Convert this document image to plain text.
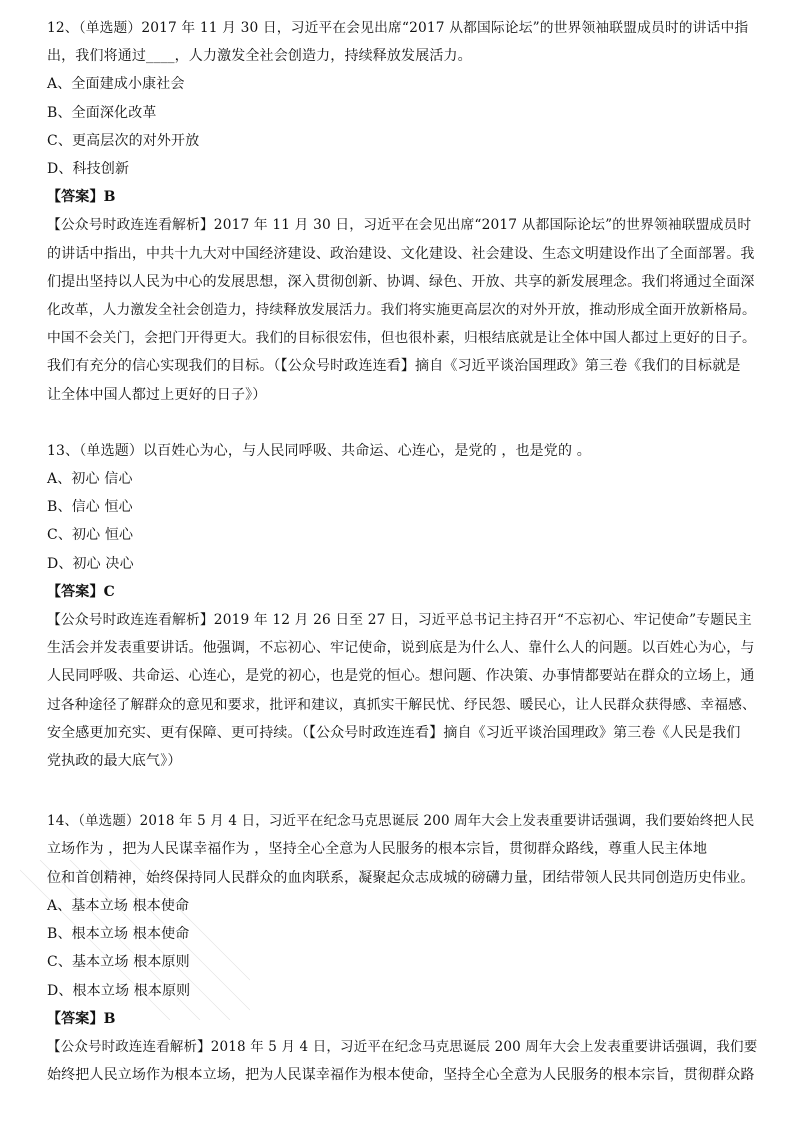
12、（单选题）2017 年 11 月 30 日，习近平在会见出席“2017 从都国际论坛”的世界领袖联盟成员时的讲话中指
出，我们将通过____，人力激发全社会创造力，持续释放发展活力。
A、全面建成小康社会
B、全面深化改革
C、更高层次的对外开放
D、科技创新
【答案】B
【公众号时政连连看解析】2017 年 11 月 30 日，习近平在会见出席“2017 从都国际论坛”的世界领袖联盟成员时
的讲话中指出，中共十九大对中国经济建设、政治建设、文化建设、社会建设、生态文明建设作出了全面部署。我
们提出坚持以人民为中心的发展思想，深入贯彻创新、协调、绿色、开放、共享的新发展理念。我们将通过全面深
化改革，人力激发全社会创造力，持续释放发展活力。我们将实施更高层次的对外开放，推动形成全面开放新格局。
中国不会关门，会把门开得更大。我们的目标很宏伟，但也很朴素，归根结底就是让全体中国人都过上更好的日子。
我们有充分的信心实现我们的目标。（【公众号时政连连看】摘自《习近平谈治国理政》第三卷《我们的目标就是
让全体中国人都过上更好的日子》）
13、（单选题）以百姓心为心，与人民同呼吸、共命运、心连心，是党的 ，也是党的 。
A、初心 信心
B、信心 恒心
C、初心 恒心
D、初心 决心
【答案】C
【公众号时政连连看解析】2019 年 12 月 26 日至 27 日，习近平总书记主持召开“不忘初心、牢记使命”专题民主
生活会并发表重要讲话。他强调，不忘初心、牢记使命，说到底是为什么人、靠什么人的问题。以百姓心为心，与
人民同呼吸、共命运、心连心，是党的初心，也是党的恒心。想问题、作决策、办事情都要站在群众的立场上，通
过各种途径了解群众的意见和要求，批评和建议，真抓实干解民忧、纾民怨、暖民心，让人民群众获得感、幸福感、
安全感更加充实、更有保障、更可持续。（【公众号时政连连看】摘自《习近平谈治国理政》第三卷《人民是我们
党执政的最大底气》）
14、（单选题）2018 年 5 月 4 日，习近平在纪念马克思诞辰 200 周年大会上发表重要讲话强调，我们要始终把人民
立场作为 ，把为人民谋幸福作为 ，坚持全心全意为人民服务的根本宗旨，贯彻群众路线，尊重人民主体地
位和首创精神，始终保持同人民群众的血肉联系，凝聚起众志成城的磅礴力量，团结带领人民共同创造历史伟业。
A、基本立场 根本使命
B、根本立场 根本使命
C、基本立场 根本原则
D、根本立场 根本原则
【答案】B
【公众号时政连连看解析】2018 年 5 月 4 日，习近平在纪念马克思诞辰 200 周年大会上发表重要讲话强调，我们要
始终把人民立场作为根本立场，把为人民谋幸福作为根本使命，坚持全心全意为人民服务的根本宗旨，贯彻群众路
